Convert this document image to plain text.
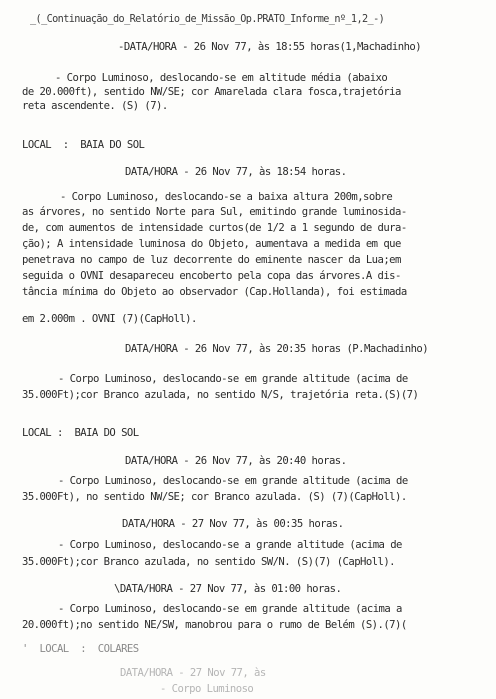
_(_Continuação_do_Relatório_de_Missão_Op.PRATO_Informe_nº_1,2_-)
-DATA/HORA - 26 Nov 77, às 18:55 horas(1,Machadinho)
- Corpo Luminoso, deslocando-se em altitude média (abaixo
de 20.000ft), sentido NW/SE; cor Amarelada clara fosca,trajetória
reta ascendente. (S) (7).
LOCAL  :  BAIA DO SOL
DATA/HORA - 26 Nov 77, às 18:54 horas.
- Corpo Luminoso, deslocando-se a baixa altura 200m,sobre
as árvores, no sentido Norte para Sul, emitindo grande luminosida-
de, com aumentos de intensidade curtos(de 1/2 a 1 segundo de dura-
ção); A intensidade luminosa do Objeto, aumentava a medida em que
penetrava no campo de luz decorrente do eminente nascer da Lua;em
seguida o OVNI desapareceu encoberto pela copa das árvores.A dis-
tância mínima do Objeto ao observador (Cap.Hollanda), foi estimada
em 2.000m . OVNI (7)(CapHoll).
DATA/HORA - 26 Nov 77, às 20:35 horas (P.Machadinho)
- Corpo Luminoso, deslocando-se em grande altitude (acima de
35.000Ft);cor Branco azulada, no sentido N/S, trajetória reta.(S)(7)
LOCAL :  BAIA DO SOL
DATA/HORA - 26 Nov 77, às 20:40 horas.
- Corpo Luminoso, deslocando-se em grande altitude (acima de
35.000Ft), no sentido NW/SE; cor Branco azulada. (S) (7)(CapHoll).
DATA/HORA - 27 Nov 77, às 00:35 horas.
- Corpo Luminoso, deslocando-se a grande altitude (acima de
35.000Ft);cor Branco azulada, no sentido SW/N. (S)(7) (CapHoll).
\DATA/HORA - 27 Nov 77, às 01:00 horas.
- Corpo Luminoso, deslocando-se em grande altitude (acima a
20.000ft);no sentido NE/SW, manobrou para o rumo de Belém (S).(7)(
'  LOCAL  :  COLARES
DATA/HORA - 27 Nov 77, às
- Corpo Luminoso
